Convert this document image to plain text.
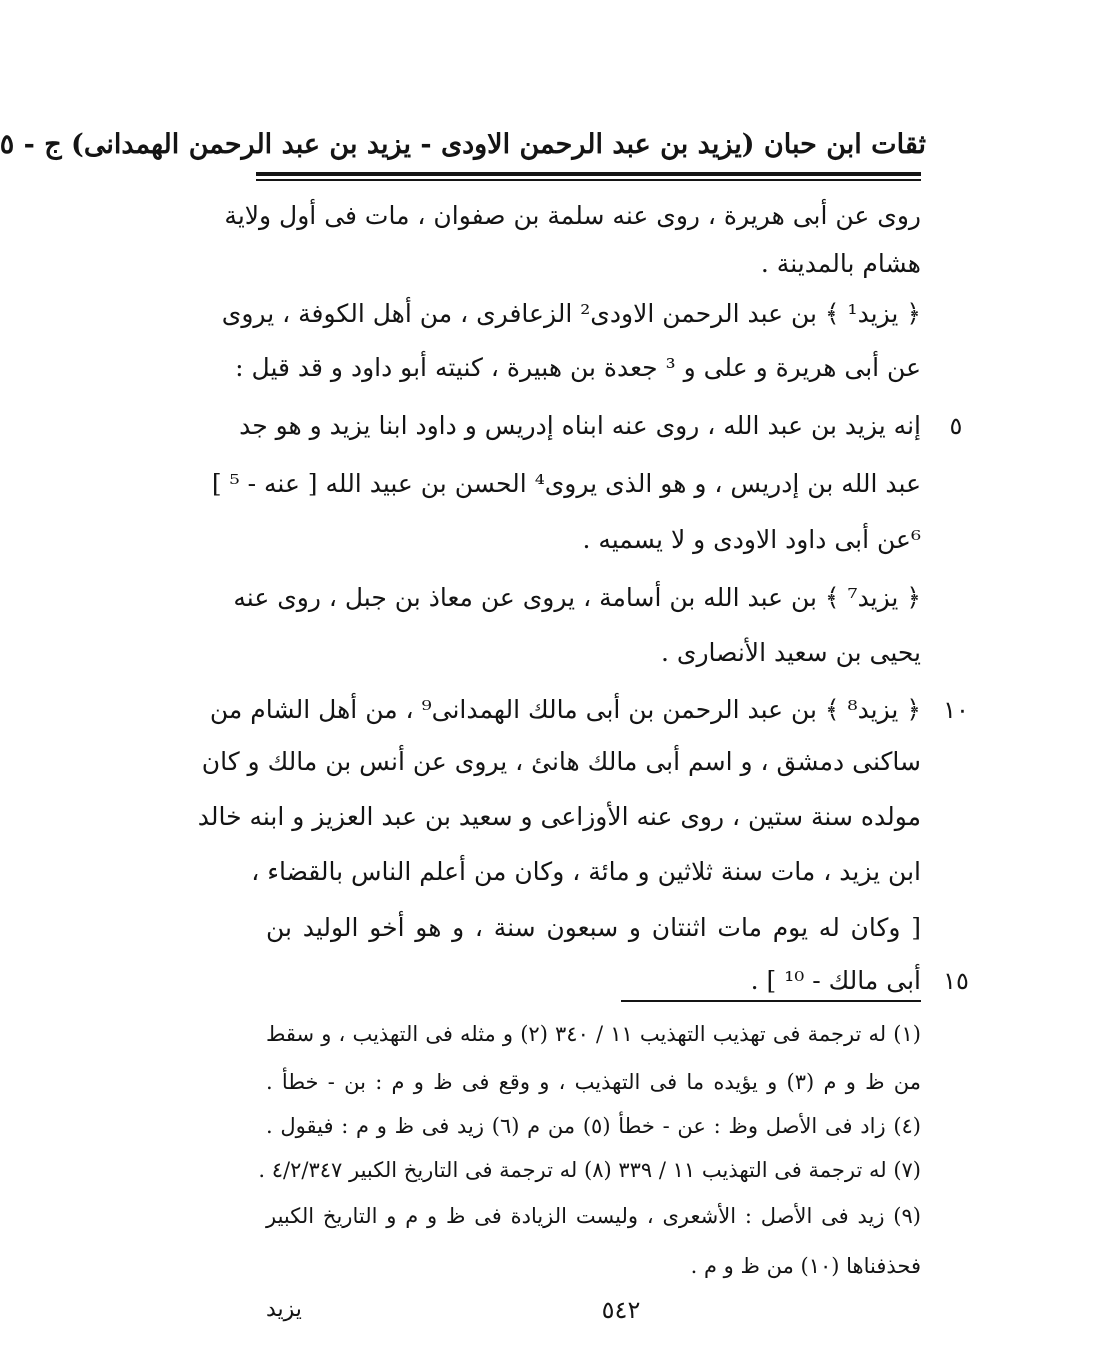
ثقات ابن حبان (يزيد بن عبد الرحمن الاودى - يزيد بن عبد الرحمن الهمدانى) ج - ٥
روى عن أبى هريرة ، روى عنه سلمة بن صفوان ، مات فى أول ولاية
هشام بالمدينة .
﴿ يزيد¹ ﴾ بن عبد الرحمن الاودى² الزعافرى ، من أهل الكوفة ، يروى
عن أبى هريرة و على و ³ جعدة بن هبيرة ، كنيته أبو داود و قد قيل :
إنه يزيد بن عبد الله ، روى عنه ابناه إدريس و داود ابنا يزيد و هو جد	٥
عبد الله بن إدريس ، و هو الذى يروى⁴ الحسن بن عبيد الله [ عنه - ⁵ ]
⁶عن أبى داود الاودى و لا يسميه .
﴿ يزيد⁷ ﴾ بن عبد الله بن أسامة ، يروى عن معاذ بن جبل ، روى عنه
يحيى بن سعيد الأنصارى .
﴿ يزيد⁸ ﴾ بن عبد الرحمن بن أبى مالك الهمدانى⁹ ، من أهل الشام من ١٠
ساكنى دمشق ، و اسم أبى مالك هانئ ، يروى عن أنس بن مالك و كان
مولده سنة ستين ، روى عنه الأوزاعى و سعيد بن عبد العزيز و ابنه خالد
ابن يزيد ، مات سنة ثلاثين و مائة ، وكان من أعلم الناس بالقضاء ،
[ وكان له يوم مات اثنتان و سبعون سنة ، و هو أخو الوليد بن
أبى مالك - ¹⁰ ] . ١٥
(١) له ترجمة فى تهذيب التهذيب ١١ / ٣٤٠ (٢) و مثله فى التهذيب ، و سقط
من ظ و م (٣) و يؤيده ما فى التهذيب ، و وقع فى ظ و م : بن - خطأ .
(٤) زاد فى الأصل وظ : عن - خطأ (٥) من م (٦) زيد فى ظ و م : فيقول .
(٧) له ترجمة فى التهذيب ١١ / ٣٣٩ (٨) له ترجمة فى التاريخ الكبير ٤/٢/٣٤٧ .
(٩) زيد فى الأصل : الأشعرى ، وليست الزيادة فى ظ و م و التاريخ الكبير
فحذفناها (١٠) من ظ و م .
٥٤٢
يزيد
